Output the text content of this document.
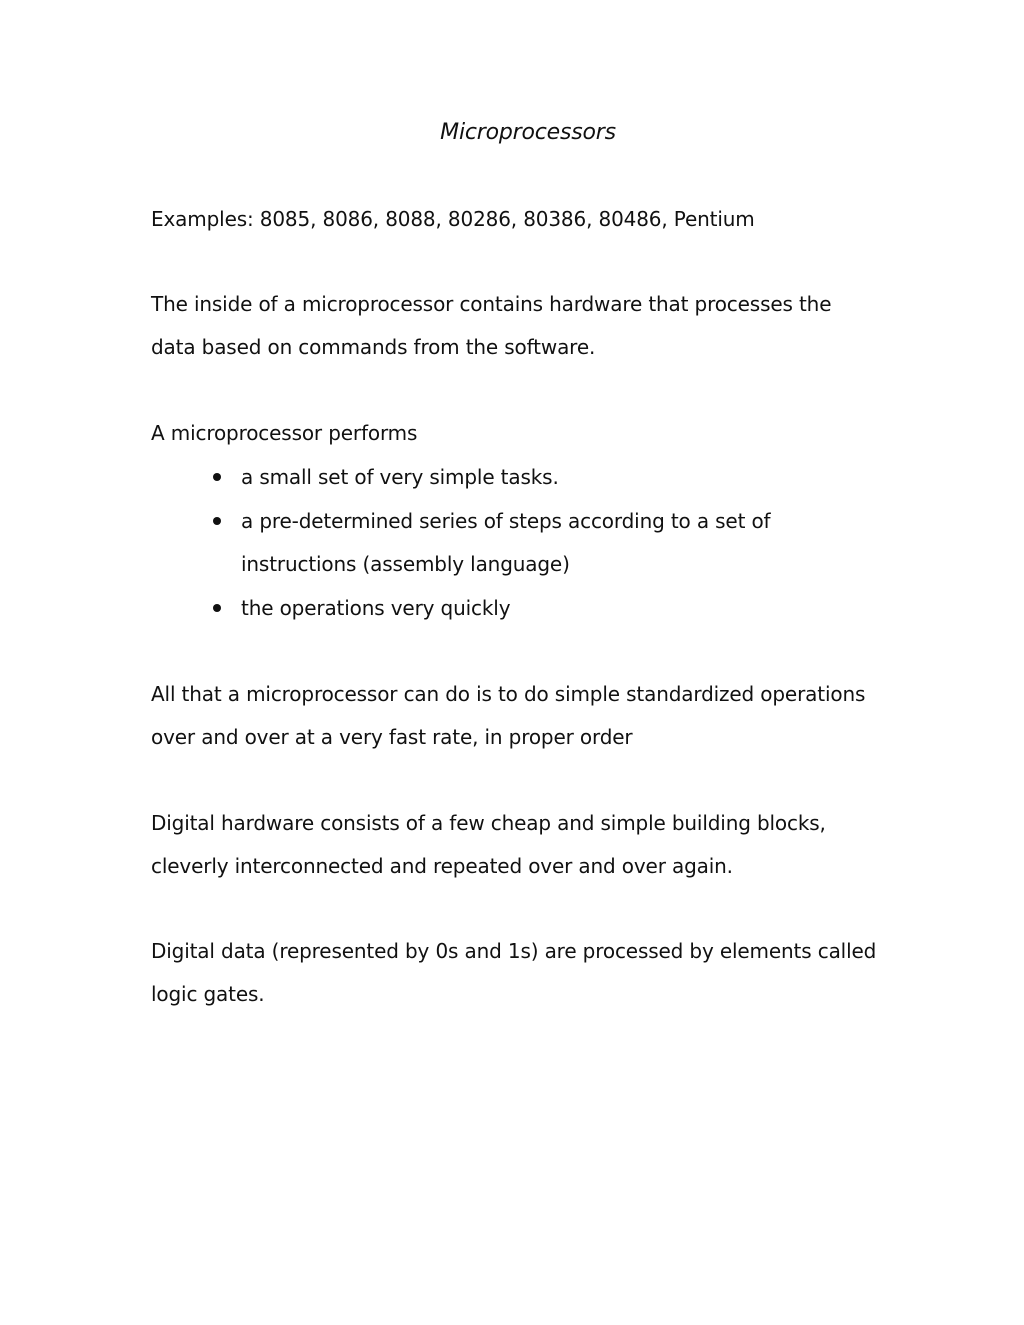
Microprocessors
Examples: 8085, 8086, 8088, 80286, 80386, 80486, Pentium
The inside of a microprocessor contains hardware that processes the data based on commands from the software.
A microprocessor performs
a small set of very simple tasks.
a pre-determined series of steps according to a set of instructions (assembly language)
the operations very quickly
All that a microprocessor can do is to do simple standardized operations over and over at a very fast rate, in proper order
Digital hardware consists of a few cheap and simple building blocks, cleverly interconnected and repeated over and over again.
Digital data (represented by 0s and 1s) are processed by elements called logic gates.
